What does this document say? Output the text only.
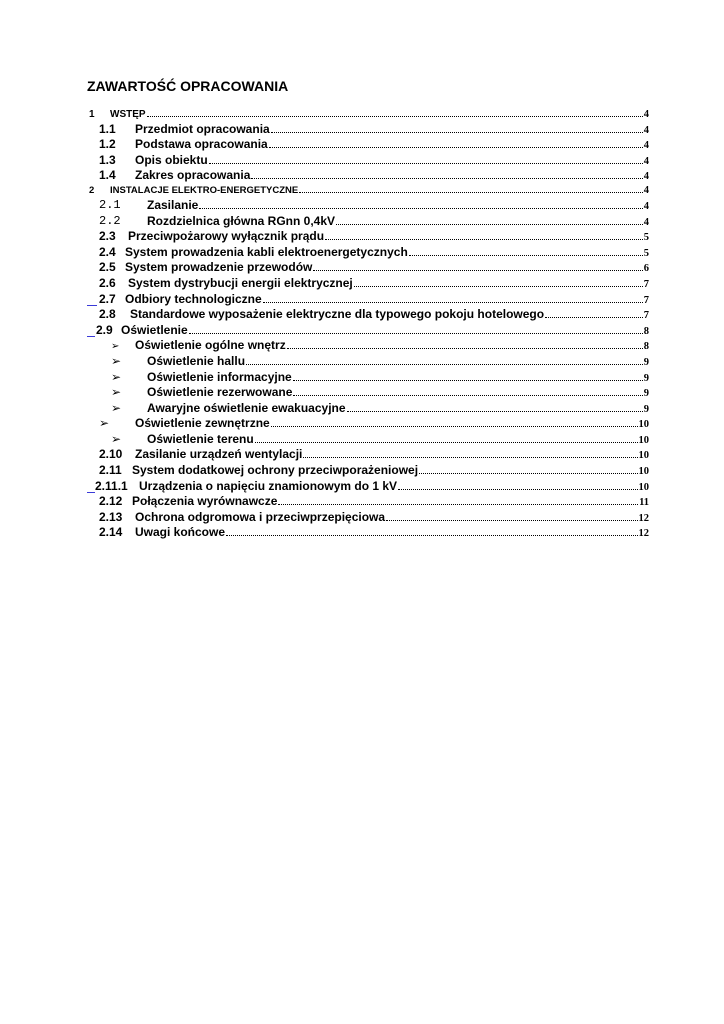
ZAWARTOŚĆ OPRACOWANIA
1	WSTĘP	4
1.1	Przedmiot opracowania	4
1.2	Podstawa opracowania	4
1.3	Opis obiektu	4
1.4	Zakres opracowania	4
2	INSTALACJE ELEKTRO-ENERGETYCZNE	4
2.1	Zasilanie	4
2.2	Rozdzielnica główna RGnn 0,4kV	4
2.3	Przeciwpożarowy wyłącznik prądu	5
2.4 System prowadzenia kabli elektroenergetycznych	5
2.5 System prowadzenie przewodów	6
2.6	System dystrybucji energii elektrycznej	7
2.7 Odbiory technologiczne	7
2.8	Standardowe wyposażenie elektryczne dla typowego pokoju hotelowego	7
2.9 Oświetlenie	8
➢	Oświetlenie ogólne wnętrz	8
➢	Oświetlenie hallu	9
➢	Oświetlenie informacyjne	9
➢	Oświetlenie rezerwowane	9
➢	Awaryjne oświetlenie ewakuacyjne	9
➢	Oświetlenie zewnętrzne	10
➢	Oświetlenie terenu	10
2.10	Zasilanie urządzeń wentylacji	10
2.11 System dodatkowej ochrony przeciwporażeniowej	10
2.11.1 Urządzenia o napięciu znamionowym do 1 kV	10
2.12 Połączenia wyrównawcze	11
2.13	Ochrona odgromowa i przeciwprzepięciowa	12
2.14	Uwagi końcowe	12
